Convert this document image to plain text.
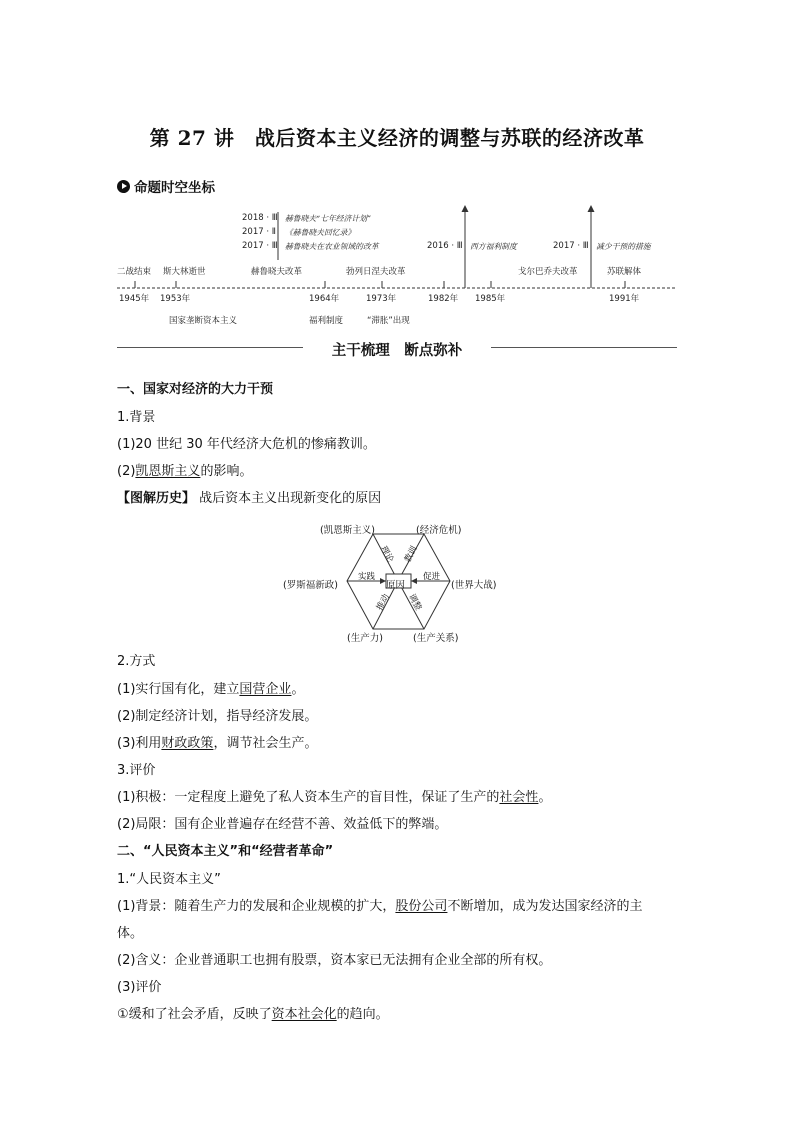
第 27 讲　战后资本主义经济的调整与苏联的经济改革
命题时空坐标
2018 · Ⅲ 赫鲁晓夫“七年经济计划”
2017 · Ⅱ 《赫鲁晓夫回忆录》
2017 · Ⅲ 赫鲁晓夫在农业领域的改革	2016 · Ⅲ 西方福利制度	2017 · Ⅲ 减少干预的措施
二战结束 斯大林逝世	赫鲁晓夫改革	勃列日涅夫改革	戈尔巴乔夫改革	苏联解体
1945年 1953年	1964年	1973年	1982年 1985年	1991年
国家垄断资本主义	福利制度	“滞胀”出现
主干梳理　断点弥补
一、国家对经济的大力干预
1.背景
(1)20 世纪 30 年代经济大危机的惨痛教训。
(2)凯恩斯主义的影响。
【图解历史】 战后资本主义出现新变化的原因
原因
(凯恩斯主义)	(经济危机)
(罗斯福新政)	(世界大战)
(生产力)	(生产关系)
理论 教训
实践	促进
推动 调整
2.方式
(1)实行国有化，建立国营企业。
(2)制定经济计划，指导经济发展。
(3)利用财政政策，调节社会生产。
3.评价
(1)积极：一定程度上避免了私人资本生产的盲目性，保证了生产的社会性。
(2)局限：国有企业普遍存在经营不善、效益低下的弊端。
二、“人民资本主义”和“经营者革命”
1.“人民资本主义”
(1)背景：随着生产力的发展和企业规模的扩大，股份公司不断增加，成为发达国家经济的主
体。
(2)含义：企业普通职工也拥有股票，资本家已无法拥有企业全部的所有权。
(3)评价
①缓和了社会矛盾，反映了资本社会化的趋向。
